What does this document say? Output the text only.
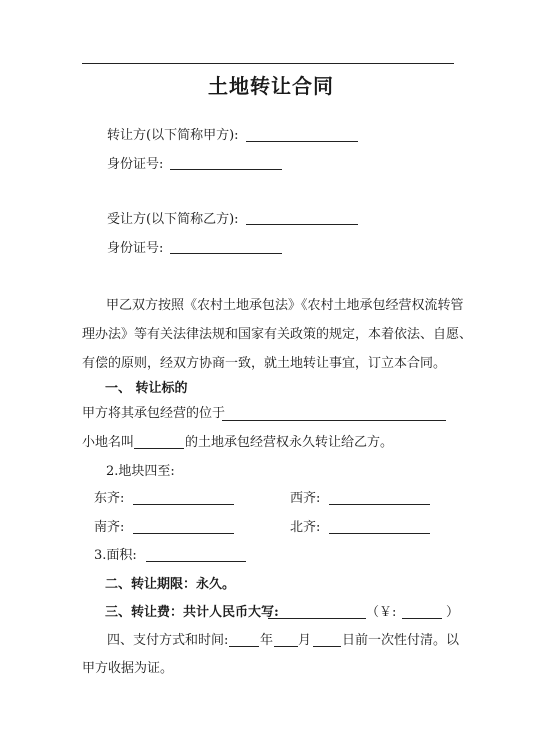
土地转让合同
转让方(以下简称甲方):
身份证号:
受让方(以下简称乙方):
身份证号:
甲乙双方按照《农村土地承包法》《农村土地承包经营权流转管
理办法》等有关法律法规和国家有关政策的规定，本着依法、自愿、
有偿的原则，经双方协商一致，就土地转让事宜，订立本合同。
一、 转让标的
甲方将其承包经营的位于
小地名叫	的土地承包经营权永久转让给乙方。
2.地块四至:
东齐:	西齐:
南齐:	北齐:
3.面积:
二、转让期限：永久。
三、转让费：共计人民币大写:	（￥:	）
四、支付方式和时间: 年 月 日前一次性付清。以
甲方收据为证。
